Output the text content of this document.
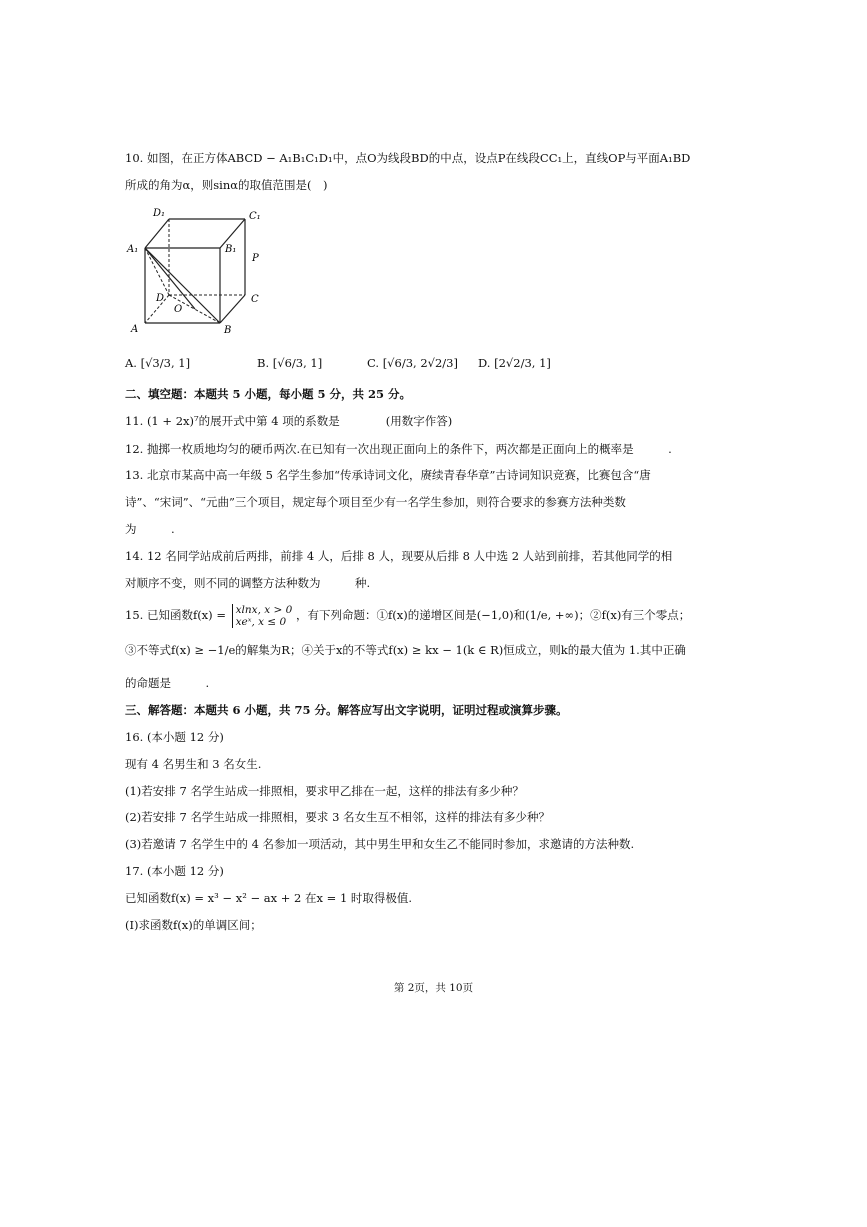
10. 如图，在正方体ABCD − A₁B₁C₁D₁中，点O为线段BD的中点，设点P在线段CC₁上，直线OP与平面A₁BD
所成的角为α，则sinα的取值范围是(　)
D₁	C₁
A₁	B₁
P
D
O
C
A	B
A. [√3/3, 1]	B. [√6/3, 1]	C. [√6/3, 2√2/3] D. [2√2/3, 1]
二、填空题：本题共 5 小题，每小题 5 分，共 25 分。
11. (1 + 2x)⁷的展开式中第 4 项的系数是　　　　(用数字作答)
12. 抛掷一枚质地均匀的硬币两次.在已知有一次出现正面向上的条件下，两次都是正面向上的概率是　　　.
13. 北京市某高中高一年级 5 名学生参加“传承诗词文化，赓续青春华章”古诗词知识竞赛，比赛包含“唐
诗”、“宋词”、“元曲”三个项目，规定每个项目至少有一名学生参加，则符合要求的参赛方法种类数
为　　　.
14. 12 名同学站成前后两排，前排 4 人，后排 8 人，现要从后排 8 人中选 2 人站到前排，若其他同学的相
对顺序不变，则不同的调整方法种数为　　　种.
15. 已知函数f(x) = xlnx, x > 0
xeˣ, x ≤ 0 ，有下列命题：①f(x)的递增区间是(−1,0)和(1/e, +∞)；②f(x)有三个零点；
③不等式f(x) ≥ −1/e的解集为R；④关于x的不等式f(x) ≥ kx − 1(k ∈ R)恒成立，则k的最大值为 1.其中正确
的命题是　　　.
三、解答题：本题共 6 小题，共 75 分。解答应写出文字说明，证明过程或演算步骤。
16. (本小题 12 分)
现有 4 名男生和 3 名女生.
(1)若安排 7 名学生站成一排照相，要求甲乙排在一起，这样的排法有多少种？
(2)若安排 7 名学生站成一排照相，要求 3 名女生互不相邻，这样的排法有多少种？
(3)若邀请 7 名学生中的 4 名参加一项活动，其中男生甲和女生乙不能同时参加，求邀请的方法种数.
17. (本小题 12 分)
已知函数f(x) = x³ − x² − ax + 2 在x = 1 时取得极值.
(I)求函数f(x)的单调区间；
第 2页，共 10页
